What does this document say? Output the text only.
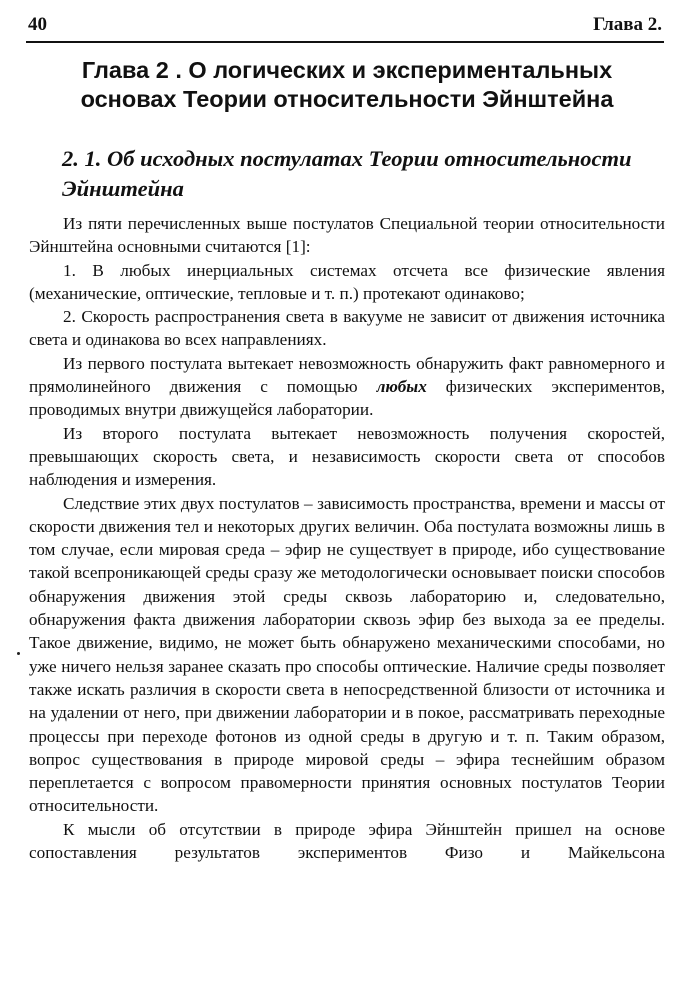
40	Глава 2.
Глава 2 . О логических и экспериментальных основах Теории относительности Эйнштейна
2. 1. Об исходных постулатах Теории относительности Эйнштейна

Из пяти перечисленных выше постулатов Специальной теории относительности Эйнштейна основными считаются [1]:

1. В любых инерциальных системах отсчета все физические явления (механические, оптические, тепловые и т. п.) протекают одинаково;

2. Скорость распространения света в вакууме не зависит от движения источника света и одинакова во всех направлениях.

Из первого постулата вытекает невозможность обнаружить факт равномерного и прямолинейного движения с помощью любых физических экспериментов, проводимых внутри движущейся лаборатории.

Из второго постулата вытекает невозможность получения скоростей, превышающих скорость света, и независимость скорости света от способов наблюдения и измерения.

Следствие этих двух постулатов – зависимость пространства, времени и массы от скорости движения тел и некоторых других величин. Оба постулата возможны лишь в том случае, если мировая среда – эфир не существует в природе, ибо существование такой всепроникающей среды сразу же методологически основывает поиски способов обнаружения движения этой среды сквозь лабораторию и, следовательно, обнаружения факта движения лаборатории сквозь эфир без выхода за ее пределы. Такое движение, видимо, не может быть обнаружено механическими способами, но уже ничего нельзя заранее сказать про способы оптические. Наличие среды позволяет также искать различия в скорости света в непосредственной близости от источника и на удалении от него, при движении лаборатории и в покое, рассматривать переходные процессы при переходе фотонов из одной среды в другую и т. п. Таким образом, вопрос существования в природе мировой среды – эфира теснейшим образом переплетается с вопросом правомерности принятия основных постулатов Теории относительности.

К мысли об отсутствии в природе эфира Эйнштейн пришел на основе сопоставления результатов экспериментов Физо и Майкельсона
